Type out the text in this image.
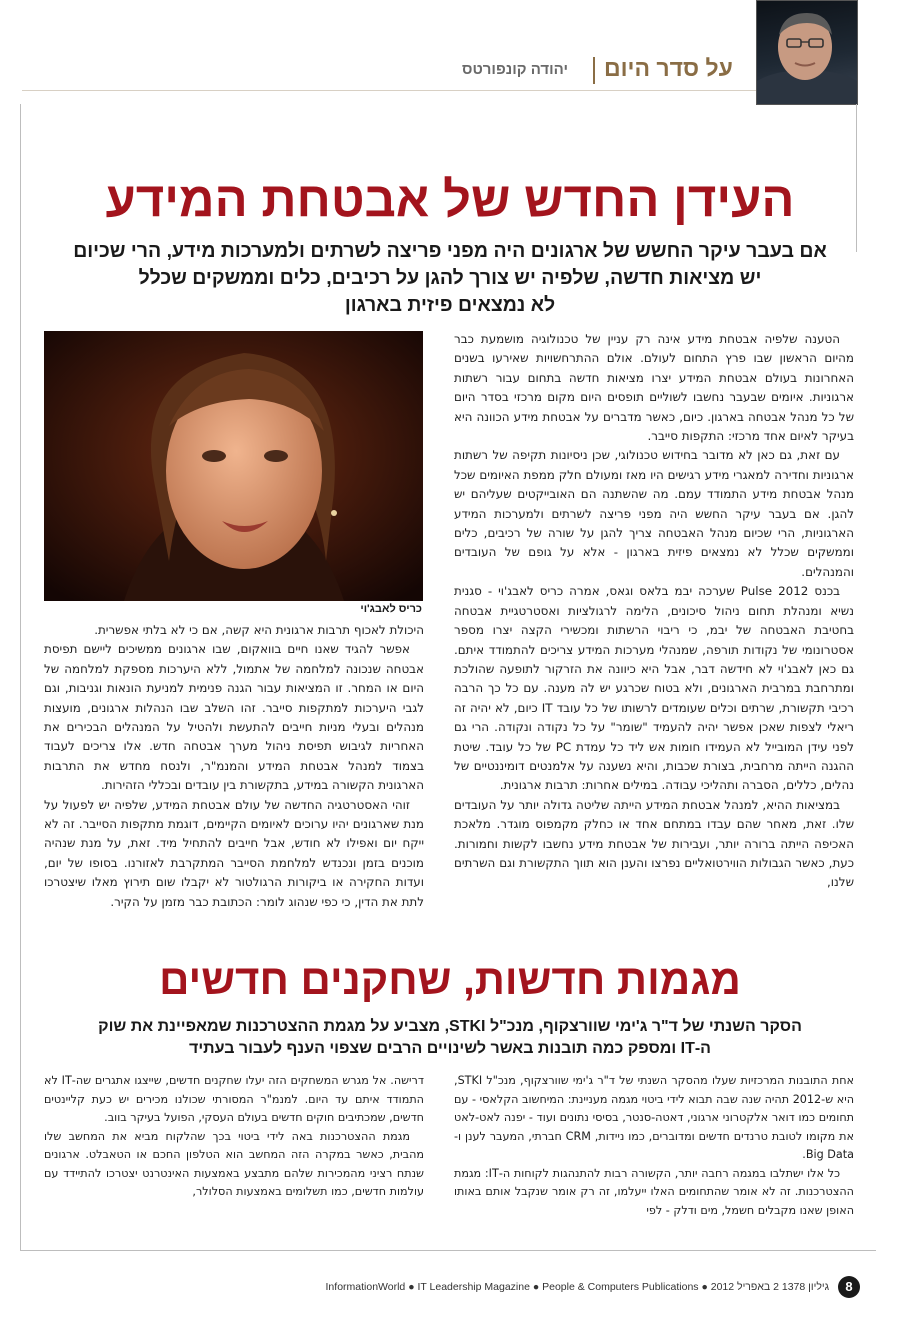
על סדר היום
יהודה קונפורטס
העידן החדש של אבטחת המידע
אם בעבר עיקר החשש של ארגונים היה מפני פריצה לשרתים ולמערכות מידע, הרי שכיום
יש מציאות חדשה, שלפיה יש צורך להגן על רכיבים, כלים וממשקים שכלל
לא נמצאים פיזית בארגון

הטענה שלפיה אבטחת מידע אינה רק עניין של טכנולוגיה מושמעת כבר מהיום הראשון שבו פרץ התחום לעולם. אולם ההתרחשויות שאירעו בשנים האחרונות בעולם אבטחת המידע יצרו מציאות חדשה בתחום עבור רשתות ארגוניות. איומים שבעבר נחשבו לשוליים תופסים היום מקום מרכזי בסדר היום של כל מנהל אבטחה בארגון. כיום, כאשר מדברים על אבטחת מידע הכוונה היא בעיקר לאיום אחד מרכזי: התקפות סייבר.

עם זאת, גם כאן לא מדובר בחידוש טכנולוגי, שכן ניסיונות תקיפה של רשתות ארגוניות וחדירה למאגרי מידע רגישים היו מאז ומעולם חלק ממפת האיומים שכל מנהל אבטחת מידע התמודד עמם. מה שהשתנה הם האובייקטים שעליהם יש להגן. אם בעבר עיקר החשש היה מפני פריצה לשרתים ולמערכות המידע הארגוניות, הרי שכיום מנהל האבטחה צריך להגן על שורה של רכיבים, כלים וממשקים שכלל לא נמצאים פיזית בארגון - אלא על גופם של העובדים והמנהלים.

בכנס Pulse 2012 שערכה יבמ בלאס וגאס, אמרה כריס לאבג'וי - סגנית נשיא ומנהלת תחום ניהול סיכונים, הלימה לרגולציות ואסטרטגיית אבטחה בחטיבת האבטחה של יבמ, כי ריבוי הרשתות ומכשירי הקצה יצרו מספר אסטרונומי של נקודות תורפה, שמנהלי מערכות המידע צריכים להתמודד איתם. גם כאן לאבג'וי לא חידשה דבר, אבל היא כיוונה את הזרקור לתופעה שהולכת ומתרחבת במרבית הארגונים, ולא בטוח שכרגע יש לה מענה. עם כל כך הרבה רכיבי תקשורת, שרתים וכלים שעומדים לרשותו של כל עובד IT כיום, לא יהיה זה ריאלי לצפות שאכן אפשר יהיה להעמיד "שומר" על כל נקודה ונקודה. הרי גם לפני עידן המובייל לא העמידו חומות אש ליד כל עמדת PC של כל עובד. שיטת ההגנה הייתה מרחבית, בצורת שכבות, והיא נשענה על אלמנטים דומיננטיים של נהלים, כללים, הסברה ותהליכי עבודה. במילים אחרות: תרבות ארגונית.

במציאות ההיא, למנהל אבטחת המידע הייתה שליטה גדולה יותר על העובדים שלו. זאת, מאחר שהם עבדו במתחם אחד או כחלק מקמפוס מוגדר. מלאכת האכיפה הייתה ברורה יותר, ועבירות של אבטחת מידע נחשבו לקשות וחמורות. כעת, כאשר הגבולות הווירטואליים נפרצו והענן הוא תווך התקשורת וגם השרתים שלנו,

כריס לאבג'וי

היכולת לאכוף תרבות ארגונית היא קשה, אם כי לא בלתי אפשרית.

אפשר להגיד שאנו חיים בוואקום, שבו ארגונים ממשיכים ליישם תפיסת אבטחה שנכונה למלחמה של אתמול, ללא היערכות מספקת למלחמה של היום או המחר. זו המציאות עבור הגנה פנימית למניעת הונאות וגניבות, וגם לגבי היערכות למתקפות סייבר. זהו השלב שבו הנהלות ארגונים, מועצות מנהלים ובעלי מניות חייבים להתעשת ולהטיל על המנהלים הבכירים את האחריות לגיבוש תפיסת ניהול מערך אבטחה חדש. אלו צריכים לעבוד בצמוד למנהל אבטחת המידע והמנמ"ר, ולנסח מחדש את התרבות הארגונית הקשורה במידע, בתקשורת בין עובדים ובכללי הזהירות.

זוהי האסטרטגיה החדשה של עולם אבטחת המידע, שלפיה יש לפעול על מנת שארגונים יהיו ערוכים לאיומים הקיימים, דוגמת מתקפות הסייבר. זה לא ייקח יום ואפילו לא חודש, אבל חייבים להתחיל מיד. זאת, על מנת שנהיה מוכנים בזמן ונכנדש למלחמת הסייבר המתקרבת לאזורנו. בסופו של יום, ועדות החקירה או ביקורות הרגולטור לא יקבלו שום תירוץ מאלו שיצטרכו לתת את הדין, כי כפי שנהוג לומר: הכתובת כבר מזמן על הקיר.

מגמות חדשות, שחקנים חדשים
הסקר השנתי של ד"ר ג'ימי שוורצקוף, מנכ"ל STKI, מצביע על מגמת ההצטרכנות שמאפיינת את שוק
ה-IT ומספק כמה תובנות באשר לשינויים הרבים שצפוי הענף לעבור בעתיד

אחת התובנות המרכזיות שעלו מהסקר השנתי של ד"ר ג'ימי שוורצקוף, מנכ"ל STKI, היא ש-2012 תהיה שנה שבה תבוא לידי ביטוי מגמה מעניינת: המיחשוב הקלאסי - עם תחומים כמו דואר אלקטרוני ארגוני, דאטה-סנטר, בסיסי נתונים ועוד - יפנה לאט-לאט את מקומו לטובת טרנדים חדשים ומדוברים, כמו ניידות, CRM חברתי, המעבר לענן ו-Big Data.

כל אלו ישתלבו במגמה רחבה יותר, הקשורה רבות להתנהגות לקוחות ה-IT: מגמת ההצטרכנות. זה לא אומר שהתחומים האלו ייעלמו, זה רק אומר שנקבל אותם באותו האופן שאנו מקבלים חשמל, מים ודלק - לפי

דרישה. אל מגרש המשחקים הזה יעלו שחקנים חדשים, שייצגו אתגרים שה-IT לא התמודד איתם עד היום. למנמ"ר המסורתי שכולנו מכירים יש כעת קליינטים חדשים, שמכתיבים חוקים חדשים בעולם העסקי, הפועל בעיקר בווב.

מגמת ההצטרכנות באה לידי ביטוי בכך שהלקוח מביא את המחשב שלו מהבית, כאשר במקרה הזה המחשב הוא הטלפון החכם או הטאבלט. ארגונים שנתח רציני מהמכירות שלהם מתבצע באמצעות האינטרנט יצטרכו להתיידד עם עולמות חדשים, כמו תשלומים באמצעות הסלולר,

8 גיליון 1378 2 באפריל 2012 ● InformationWorld ● IT Leadership Magazine ● People & Computers Publications
